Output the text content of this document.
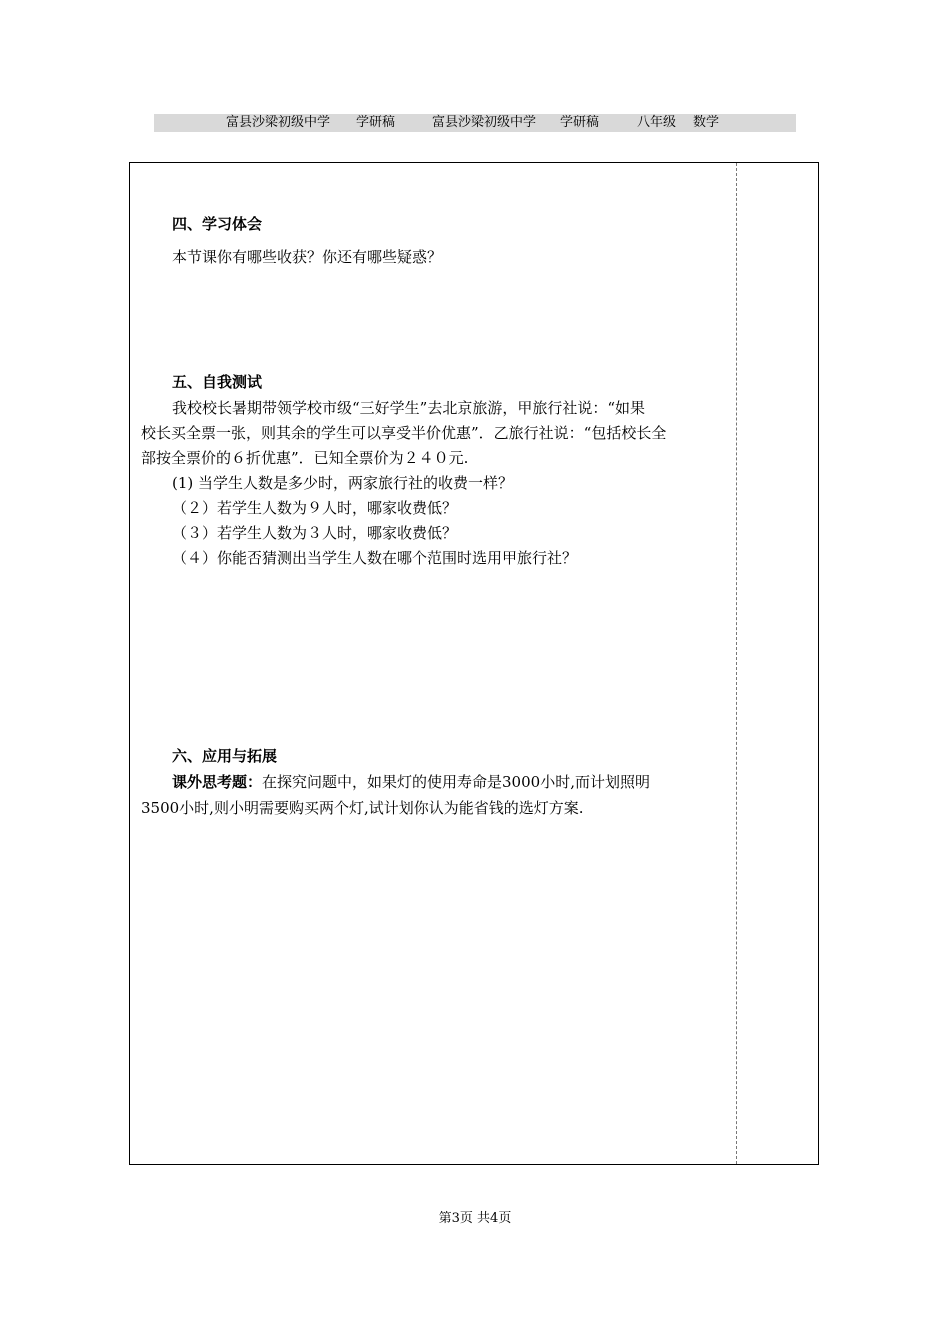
富县沙梁初级中学 学研稿	富县沙梁初级中学 学研稿	八年级 数学
四、学习体会
本节课你有哪些收获？你还有哪些疑惑？
五、自我测试
我校校长暑期带领学校市级“三好学生”去北京旅游，甲旅行社说：“如果
校长买全票一张，则其余的学生可以享受半价优惠”．乙旅行社说：“包括校长全
部按全票价的６折优惠”．已知全票价为２４０元.
(1) 当学生人数是多少时，两家旅行社的收费一样？
（２）若学生人数为９人时，哪家收费低？
（３）若学生人数为３人时，哪家收费低？
（４）你能否猜测出当学生人数在哪个范围时选用甲旅行社？
六、应用与拓展
课外思考题：在探究问题中，如果灯的使用寿命是3000小时,而计划照明
3500小时,则小明需要购买两个灯,试计划你认为能省钱的选灯方案.
第3页 共4页
